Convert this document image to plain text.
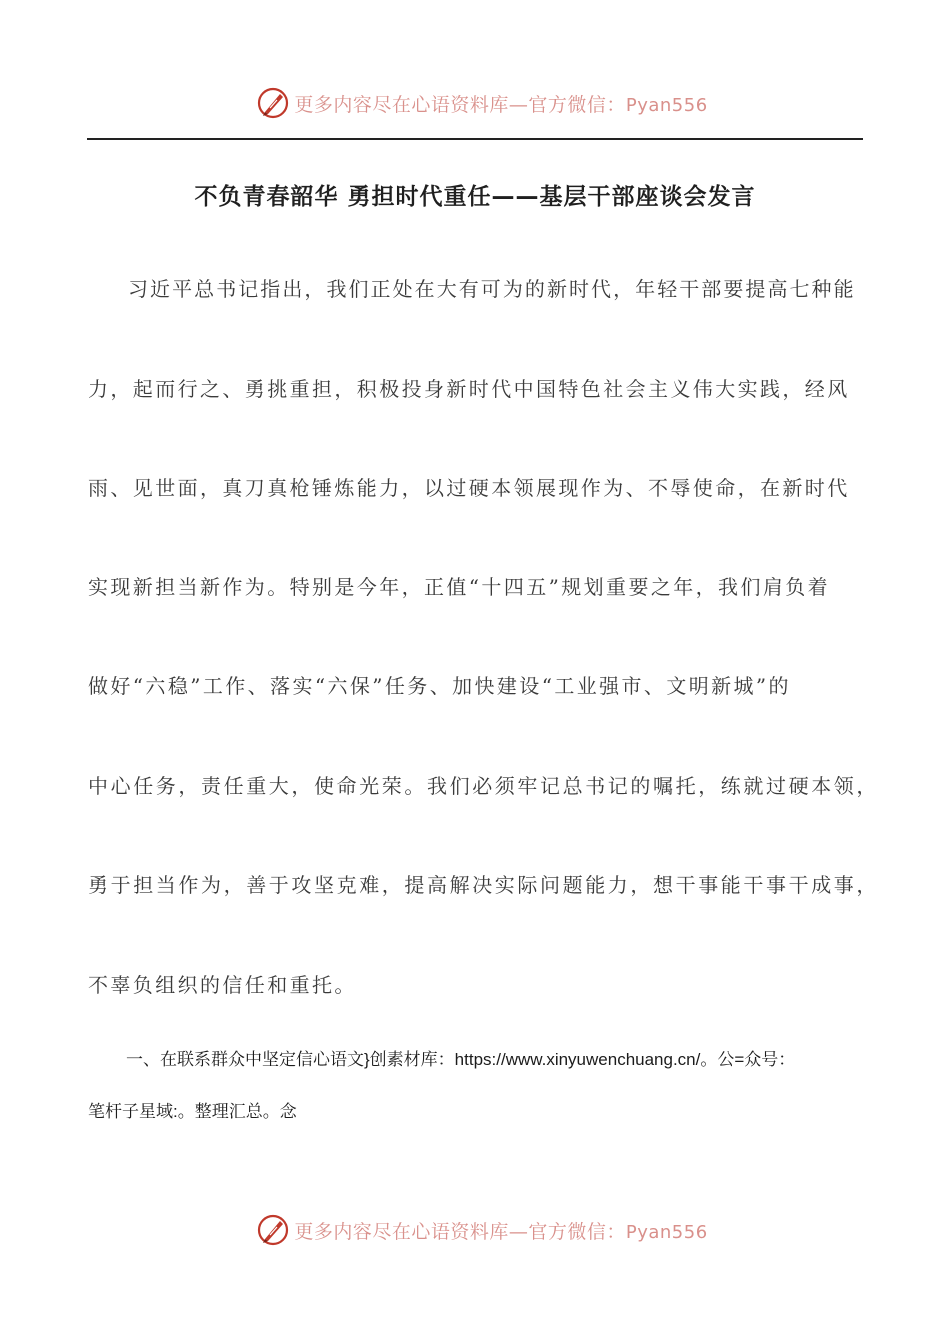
更多内容尽在心语资料库—官方微信：Pyan556
不负青春韶华 勇担时代重任——基层干部座谈会发言

习近平总书记指出，我们正处在大有可为的新时代，年轻干部要提高七种能

力，起而行之、勇挑重担，积极投身新时代中国特色社会主义伟大实践，经风

雨、见世面，真刀真枪锤炼能力，以过硬本领展现作为、不辱使命，在新时代

实现新担当新作为。特别是今年，正值“十四五”规划重要之年，我们肩负着

做好“六稳”工作、落实“六保”任务、加快建设“工业强市、文明新城”的

中心任务，责任重大，使命光荣。我们必须牢记总书记的嘱托，练就过硬本领，

勇于担当作为，善于攻坚克难，提高解决实际问题能力，想干事能干事干成事，

不辜负组织的信任和重托。

一、在联系群众中坚定信心语文}创素材库：https://www.xinyuwenchuang.cn/。公=众号：

笔杆子星域:。整理汇总。念

更多内容尽在心语资料库—官方微信：Pyan556
